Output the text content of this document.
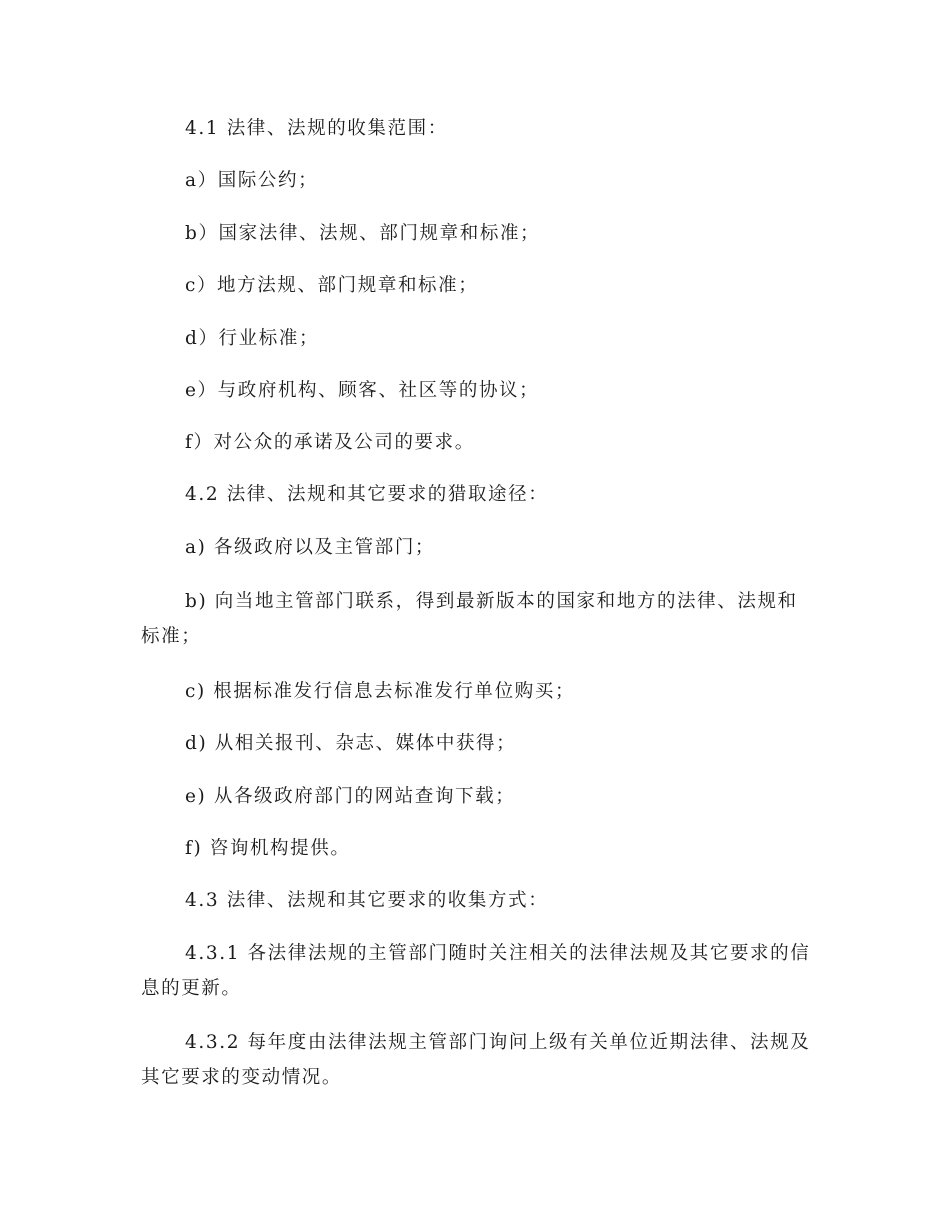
4.1 法律、法规的收集范围：

a）国际公约；

b）国家法律、法规、部门规章和标准；

c）地方法规、部门规章和标准；

d）行业标准；

e）与政府机构、顾客、社区等的协议；

f）对公众的承诺及公司的要求。

4.2 法律、法规和其它要求的猎取途径：

a) 各级政府以及主管部门；

b) 向当地主管部门联系，得到最新版本的国家和地方的法律、法规和标准；

c) 根据标准发行信息去标准发行单位购买；

d) 从相关报刊、杂志、媒体中获得；

e) 从各级政府部门的网站查询下载；

f) 咨询机构提供。

4.3 法律、法规和其它要求的收集方式：

4.3.1 各法律法规的主管部门随时关注相关的法律法规及其它要求的信息的更新。

4.3.2 每年度由法律法规主管部门询问上级有关单位近期法律、法规及其它要求的变动情况。
